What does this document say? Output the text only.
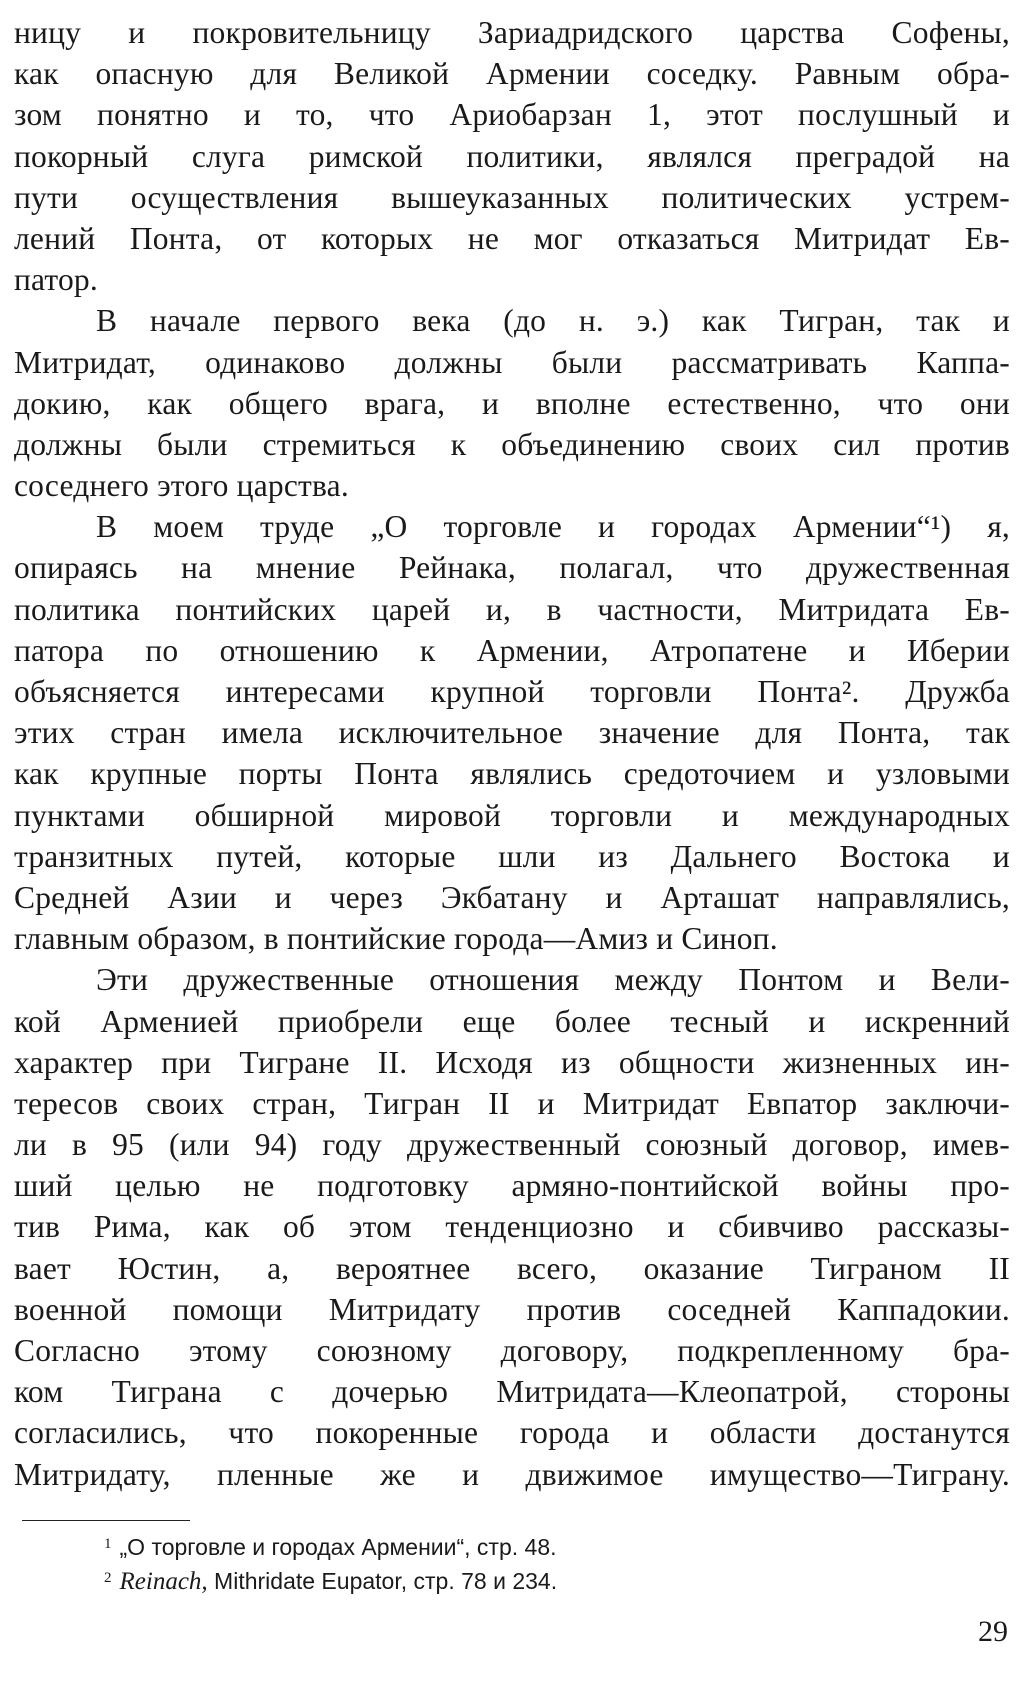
ницу и покровительницу Зариадридского царства Софены,
как опасную для Великой Армении соседку. Равным обра-
зом понятно и то, что Ариобарзан 1, этот послушный и
покорный слуга римской политики, являлся преградой на
пути осуществления вышеуказанных политических устрем-
лений Понта, от которых не мог отказаться Митридат Ев-
патор.
В начале первого века (до н. э.) как Тигран, так и
Митридат, одинаково должны были рассматривать Каппа-
докию, как общего врага, и вполне естественно, что они
должны были стремиться к объединению своих сил против
соседнего этого царства.
В моем труде „О торговле и городах Армении“¹) я,
опираясь на мнение Рейнака, полагал, что дружественная
политика понтийских царей и, в частности, Митридата Ев-
патора по отношению к Армении, Атропатене и Иберии
объясняется интересами крупной торговли Понта². Дружба
этих стран имела исключительное значение для Понта, так
как крупные порты Понта являлись средоточием и узловыми
пунктами обширной мировой торговли и международных
транзитных путей, которые шли из Дальнего Востока и
Средней Азии и через Экбатану и Арташат направлялись,
главным образом, в понтийские города—Амиз и Синоп.
Эти дружественные отношения между Понтом и Вели-
кой Арменией приобрели еще более тесный и искренний
характер при Тигране II. Исходя из общности жизненных ин-
тересов своих стран, Тигран II и Митридат Евпатор заключи-
ли в 95 (или 94) году дружественный союзный договор, имев-
ший целью не подготовку армяно-понтийской войны про-
тив Рима, как об этом тенденциозно и сбивчиво рассказы-
вает Юстин, а, вероятнее всего, оказание Тиграном II
военной помощи Митридату против соседней Каппадокии.
Согласно этому союзному договору, подкрепленному бра-
ком Тиграна с дочерью Митридата—Клеопатрой, стороны
согласились, что покоренные города и области достанутся
Митридату, пленные же и движимое имущество—Тиграну.
$^1$ „О торговле и городах Армении“, стр. 48.
$^2$ Reinach, Mithridate Eupator, стр. 78 и 234.
29
